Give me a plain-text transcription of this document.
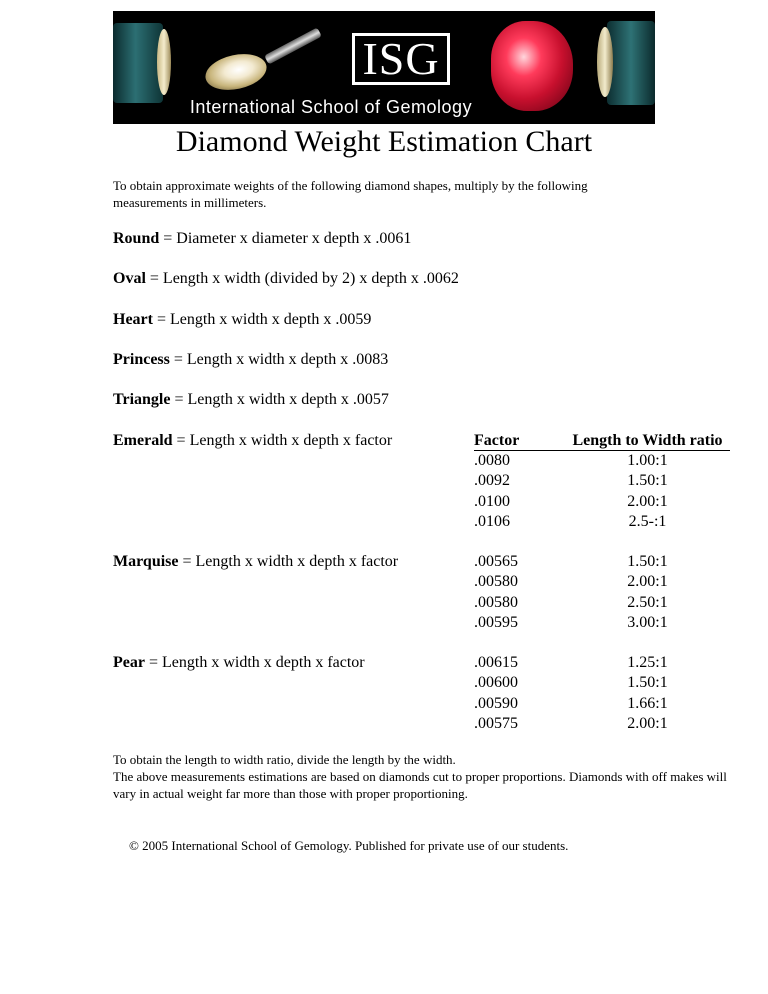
ISG
International School of Gemology
Diamond Weight Estimation Chart
To obtain approximate weights of the following diamond shapes, multiply by the following measurements in millimeters.
Round = Diameter x diameter x depth x .0061
Oval = Length x width (divided by 2) x depth x .0062
Heart = Length x width x depth x .0059
Princess = Length x width x depth x .0083
Triangle = Length x width x depth x .0057
Emerald = Length x width x depth x factor
Marquise = Length x width x depth x factor
Pear = Length x width x depth x factor
Factor	Length to Width ratio
.0080
.0092
.0100
.0106
1.00:1
1.50:1
2.00:1
2.5-:1
.00565
.00580
.00580
.00595
1.50:1
2.00:1
2.50:1
3.00:1
.00615
.00600
.00590
.00575
1.25:1
1.50:1
1.66:1
2.00:1
To obtain the length to width ratio, divide the length by the width.
The above measurements estimations are based on diamonds cut to proper proportions. Diamonds with off makes will vary in actual weight far more than those with proper proportioning.
© 2005 International School of Gemology. Published for private use of our students.
